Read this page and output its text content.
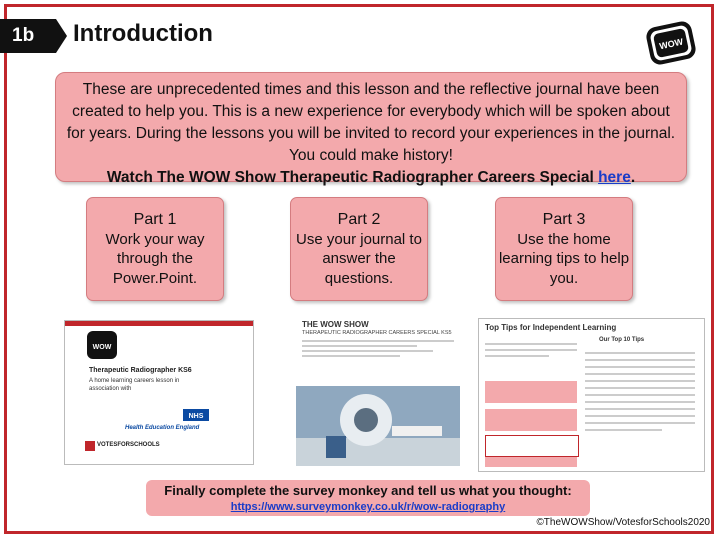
1b	Introduction	WOW
These are unprecedented times and this lesson and the reflective journal have been created to help you. This is a new experience for everybody which will be spoken about for years. During the lessons you will be invited to record your experiences in the journal. You could make history!
Watch The WOW Show Therapeutic Radiographer Careers Special here.
Part 1
Work your way through the Power.Point.
Part 2
Use your journal to answer the questions.
Part 3
Use the home learning tips to help you.
WOW
NHS
Therapeutic Radiographer KS6
A home learning careers lesson in association with
Health Education England
VOTESFORSCHOOLS
THE WOW SHOW
THERAPEUTIC RADIOGRAPHER CAREERS SPECIAL KS5
Top Tips for Independent Learning
Our Top 10 Tips
Finally complete the survey monkey and tell us what you thought:
https://www.surveymonkey.co.uk/r/wow-radiography
©TheWOWShow/VotesforSchools2020
